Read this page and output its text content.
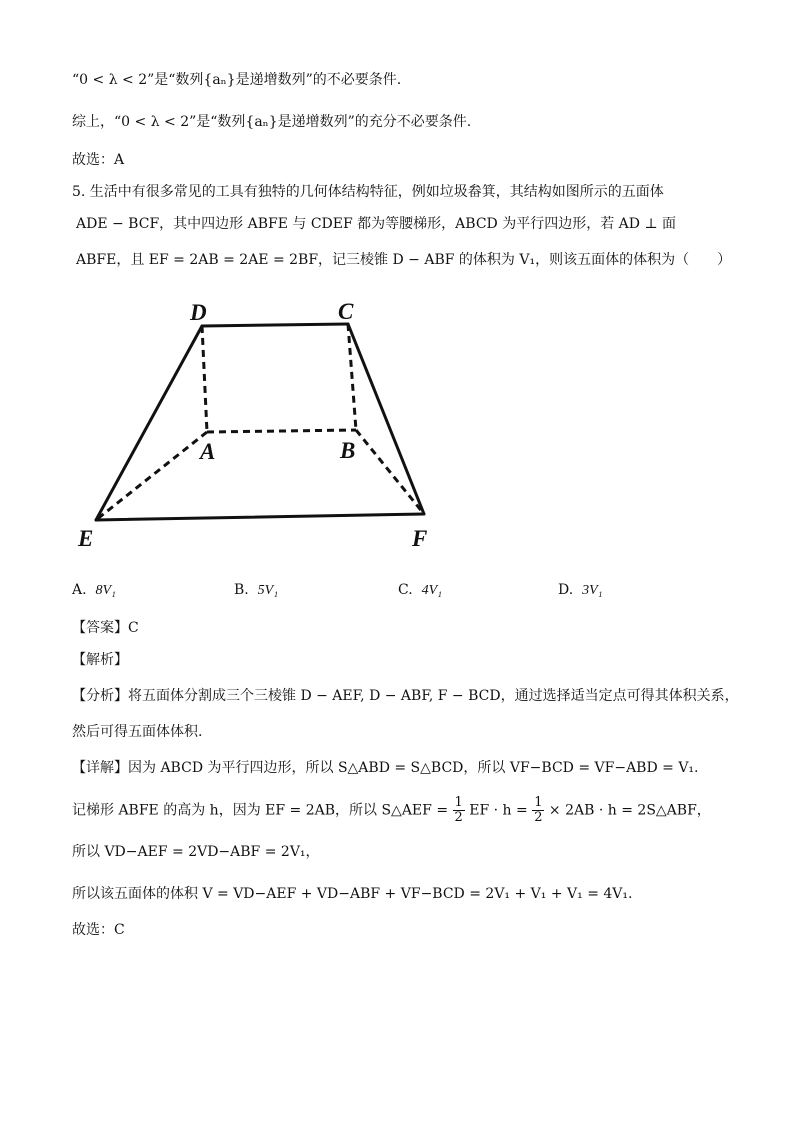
“0 < λ < 2”是“数列{aₙ}是递增数列”的不必要条件.
综上，“0 < λ < 2”是“数列{aₙ}是递增数列”的充分不必要条件.
故选：A
5. 生活中有很多常见的工具有独特的几何体结构特征，例如垃圾畚箕，其结构如图所示的五面体
ADE − BCF，其中四边形 ABFE 与 CDEF 都为等腰梯形，ABCD 为平行四边形，若 AD ⊥ 面
ABFE，且 EF = 2AB = 2AE = 2BF，记三棱锥 D − ABF 的体积为 V₁，则该五面体的体积为（　　）
D	C
A	B
E	F
A. 8V₁	B. 5V₁	C. 4V₁	D. 3V₁
【答案】C
【解析】
【分析】将五面体分割成三个三棱锥 D − AEF, D − ABF, F − BCD，通过选择适当定点可得其体积关系，
然后可得五面体体积.
【详解】因为 ABCD 为平行四边形，所以 S△ABD = S△BCD，所以 VF−BCD = VF−ABD = V₁.
记梯形 ABFE 的高为 h，因为 EF = 2AB，所以 S△AEF = $\frac{1}{2}$ EF · $h = \frac{1}{2} \times 2AB \cdot h$ = 2S△ABF，
所以 VD−AEF = 2VD−ABF = 2V₁，
所以该五面体的体积 V = VD−AEF + VD−ABF + VF−BCD = 2V₁ + V₁ + V₁ = 4V₁.
故选：C
